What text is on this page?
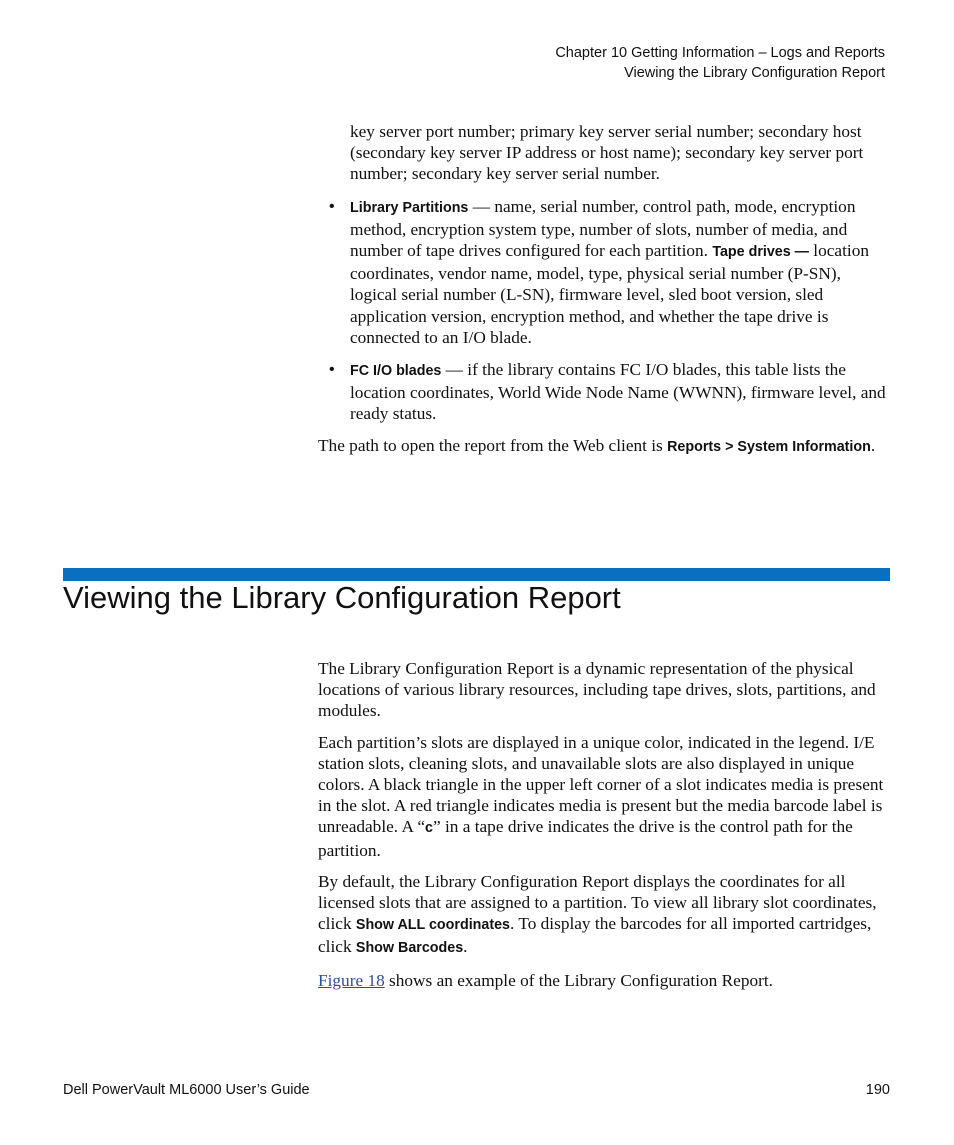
Chapter 10 Getting Information – Logs and Reports
Viewing the Library Configuration Report

key server port number; primary key server serial number; secondary host (secondary key server IP address or host name); secondary key server port number; secondary key server serial number.

• Library Partitions — name, serial number, control path, mode, encryption method, encryption system type, number of slots, number of media, and number of tape drives configured for each partition. Tape drives — location coordinates, vendor name, model, type, physical serial number (P-SN), logical serial number (L-SN), firmware level, sled boot version, sled application version, encryption method, and whether the tape drive is connected to an I/O blade.
• FC I/O blades — if the library contains FC I/O blades, this table lists the location coordinates, World Wide Node Name (WWNN), firmware level, and ready status.

The path to open the report from the Web client is Reports > System Information.

Viewing the Library Configuration Report

The Library Configuration Report is a dynamic representation of the physical locations of various library resources, including tape drives, slots, partitions, and modules.

Each partition’s slots are displayed in a unique color, indicated in the legend. I/E station slots, cleaning slots, and unavailable slots are also displayed in unique colors. A black triangle in the upper left corner of a slot indicates media is present in the slot. A red triangle indicates media is present but the media barcode label is unreadable. A “c” in a tape drive indicates the drive is the control path for the partition.

By default, the Library Configuration Report displays the coordinates for all licensed slots that are assigned to a partition. To view all library slot coordinates, click Show ALL coordinates. To display the barcodes for all imported cartridges, click Show Barcodes.

Figure 18 shows an example of the Library Configuration Report.

Dell PowerVault ML6000 User’s Guide	190
